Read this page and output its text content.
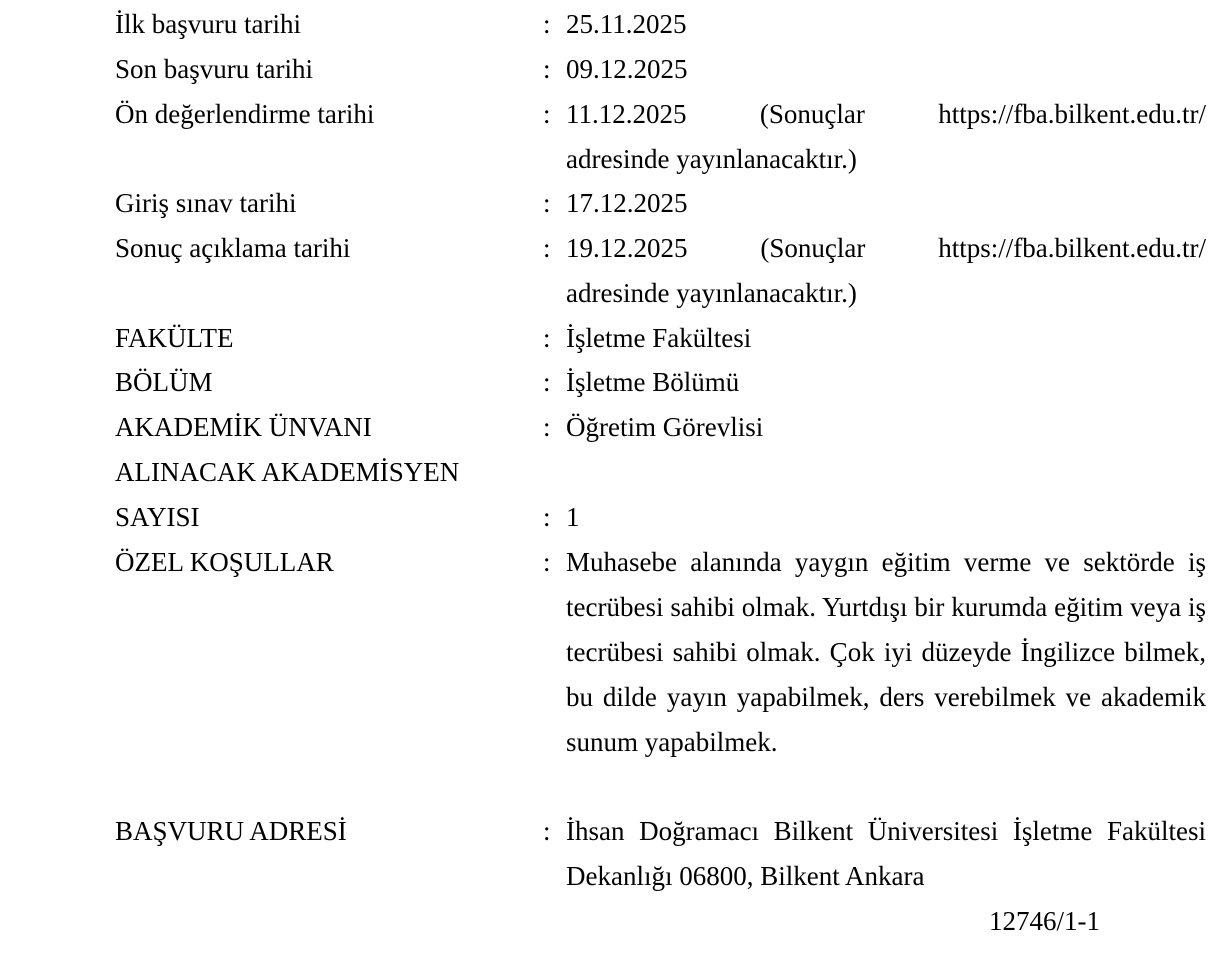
İlk başvuru tarihi	: 25.11.2025
Son başvuru tarihi	: 09.12.2025
Ön değerlendirme tarihi	: 11.12.2025	(Sonuçlar	https://fba.bilkent.edu.tr/
adresinde yayınlanacaktır.)
Giriş sınav tarihi	: 17.12.2025
Sonuç açıklama tarihi	: 19.12.2025	(Sonuçlar	https://fba.bilkent.edu.tr/
adresinde yayınlanacaktır.)
FAKÜLTE	: İşletme Fakültesi
BÖLÜM	: İşletme Bölümü
AKADEMİK ÜNVANI	: Öğretim Görevlisi
ALINACAK AKADEMİSYEN
SAYISI	: 1
ÖZEL KOŞULLAR	: Muhasebe alanında yaygın eğitim verme ve sektörde iş tecrübesi sahibi olmak. Yurtdışı bir kurumda eğitim veya iş tecrübesi sahibi olmak. Çok iyi düzeyde İngilizce bilmek, bu dilde yayın yapabilmek, ders verebilmek ve akademik sunum yapabilmek.
BAŞVURU ADRESİ	: İhsan Doğramacı Bilkent Üniversitesi İşletme Fakültesi Dekanlığı 06800, Bilkent Ankara
12746/1-1
